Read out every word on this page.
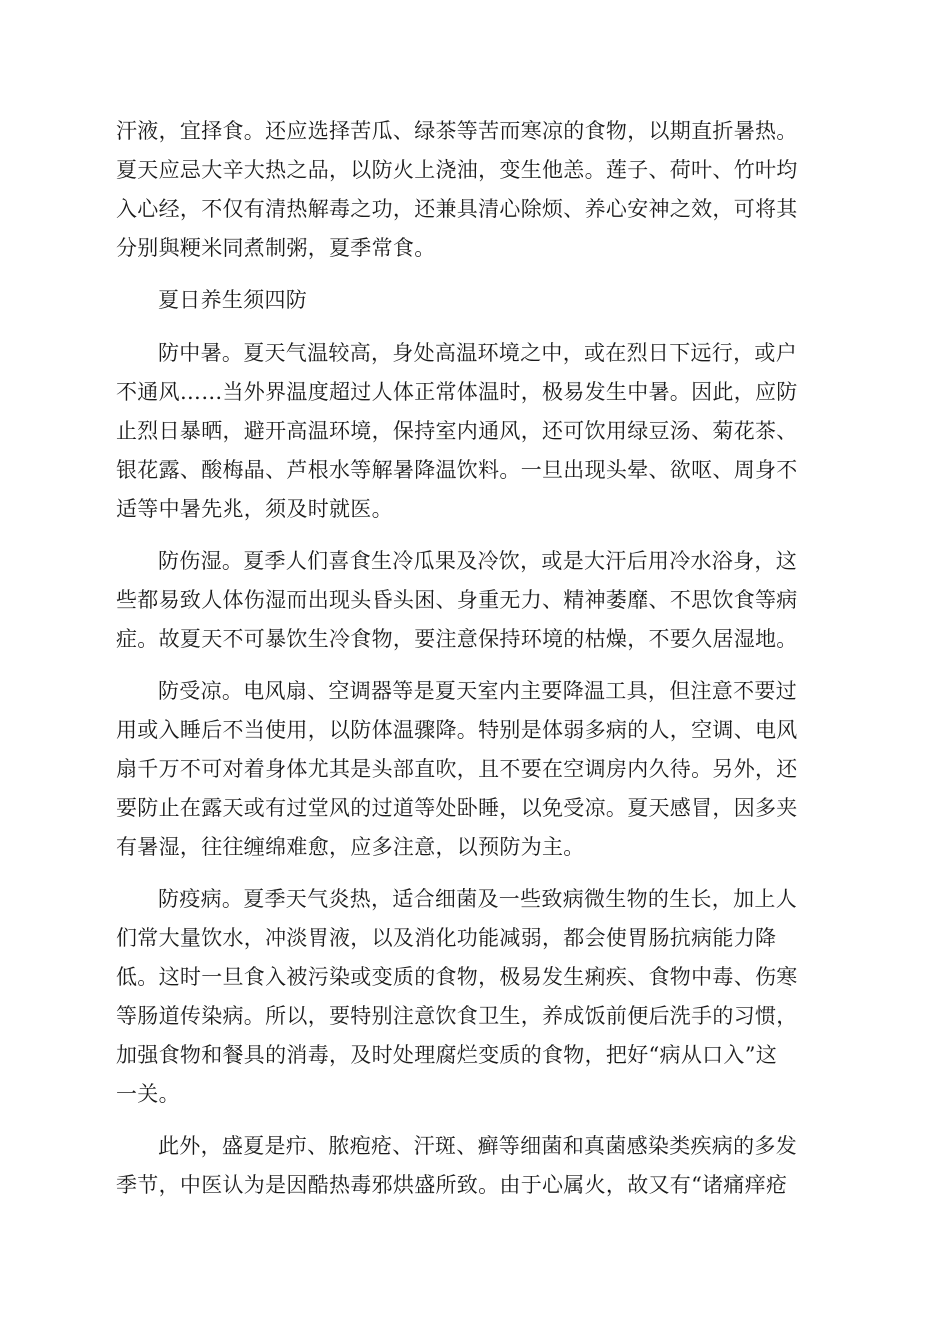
汗液，宜择食。还应选择苦瓜、绿茶等苦而寒凉的食物，以期直折暑热。
夏天应忌大辛大热之品，以防火上浇油，变生他恙。莲子、荷叶、竹叶均
入心经，不仅有清热解毒之功，还兼具清心除烦、养心安神之效，可将其
分别與粳米同煮制粥，夏季常食。
夏日养生须四防
防中暑。夏天气温较高，身处高温环境之中，或在烈日下远行，或户
不通风……当外界温度超过人体正常体温时，极易发生中暑。因此，应防
止烈日暴晒，避开高温环境，保持室内通风，还可饮用绿豆汤、菊花茶、
银花露、酸梅晶、芦根水等解暑降温饮料。一旦出现头晕、欲呕、周身不
适等中暑先兆，须及时就医。
防伤湿。夏季人们喜食生冷瓜果及冷饮，或是大汗后用冷水浴身，这
些都易致人体伤湿而出现头昏头困、身重无力、精神萎靡、不思饮食等病
症。故夏天不可暴饮生冷食物，要注意保持环境的枯燥，不要久居湿地。
防受凉。电风扇、空调器等是夏天室内主要降温工具，但注意不要过
用或入睡后不当使用，以防体温骤降。特别是体弱多病的人，空调、电风
扇千万不可对着身体尤其是头部直吹，且不要在空调房内久待。另外，还
要防止在露天或有过堂风的过道等处卧睡，以免受凉。夏天感冒，因多夹
有暑湿，往往缠绵难愈，应多注意，以预防为主。
防疫病。夏季天气炎热，适合细菌及一些致病微生物的生长，加上人
们常大量饮水，冲淡胃液，以及消化功能减弱，都会使胃肠抗病能力降
低。这时一旦食入被污染或变质的食物，极易发生痢疾、食物中毒、伤寒
等肠道传染病。所以，要特别注意饮食卫生，养成饭前便后洗手的习惯，
加强食物和餐具的消毒，及时处理腐烂变质的食物，把好“病从口入”这
一关。
此外，盛夏是疖、脓疱疮、汗斑、癣等细菌和真菌感染类疾病的多发
季节，中医认为是因酷热毒邪烘盛所致。由于心属火，故又有“诸痛痒疮
